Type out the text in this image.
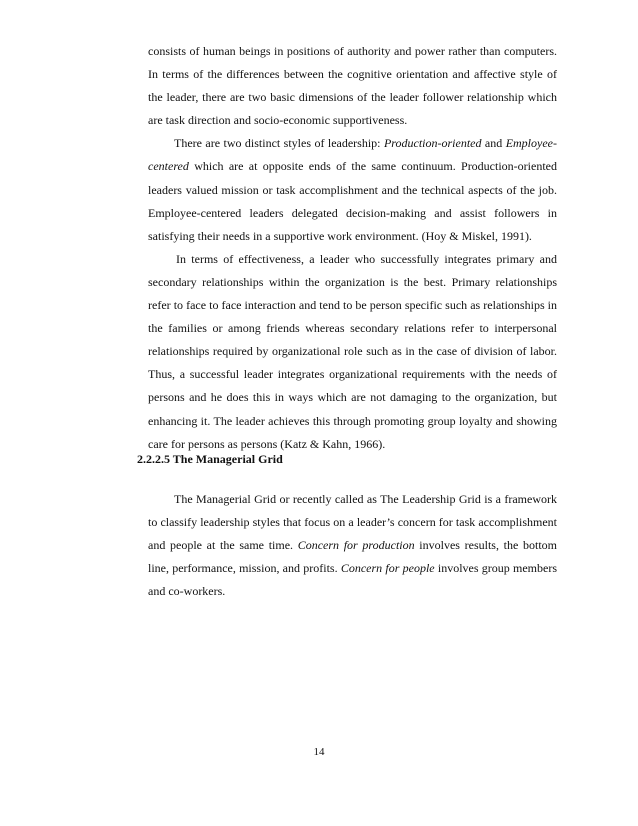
consists of human beings in positions of authority and power rather than computers. In terms of the differences between the cognitive orientation and affective style of the leader, there are two basic dimensions of the leader follower relationship which are task direction and socio-economic supportiveness.

There are two distinct styles of leadership: Production-oriented and Employee-centered which are at opposite ends of the same continuum. Production-oriented leaders valued mission or task accomplishment and the technical aspects of the job. Employee-centered leaders delegated decision-making and assist followers in satisfying their needs in a supportive work environment. (Hoy & Miskel, 1991).

In terms of effectiveness, a leader who successfully integrates primary and secondary relationships within the organization is the best. Primary relationships refer to face to face interaction and tend to be person specific such as relationships in the families or among friends whereas secondary relations refer to interpersonal relationships required by organizational role such as in the case of division of labor. Thus, a successful leader integrates organizational requirements with the needs of persons and he does this in ways which are not damaging to the organization, but enhancing it. The leader achieves this through promoting group loyalty and showing care for persons as persons (Katz & Kahn, 1966).

2.2.2.5 The Managerial Grid

The Managerial Grid or recently called as The Leadership Grid is a framework to classify leadership styles that focus on a leader’s concern for task accomplishment and people at the same time. Concern for production involves results, the bottom line, performance, mission, and profits. Concern for people involves group members and co-workers.

14
